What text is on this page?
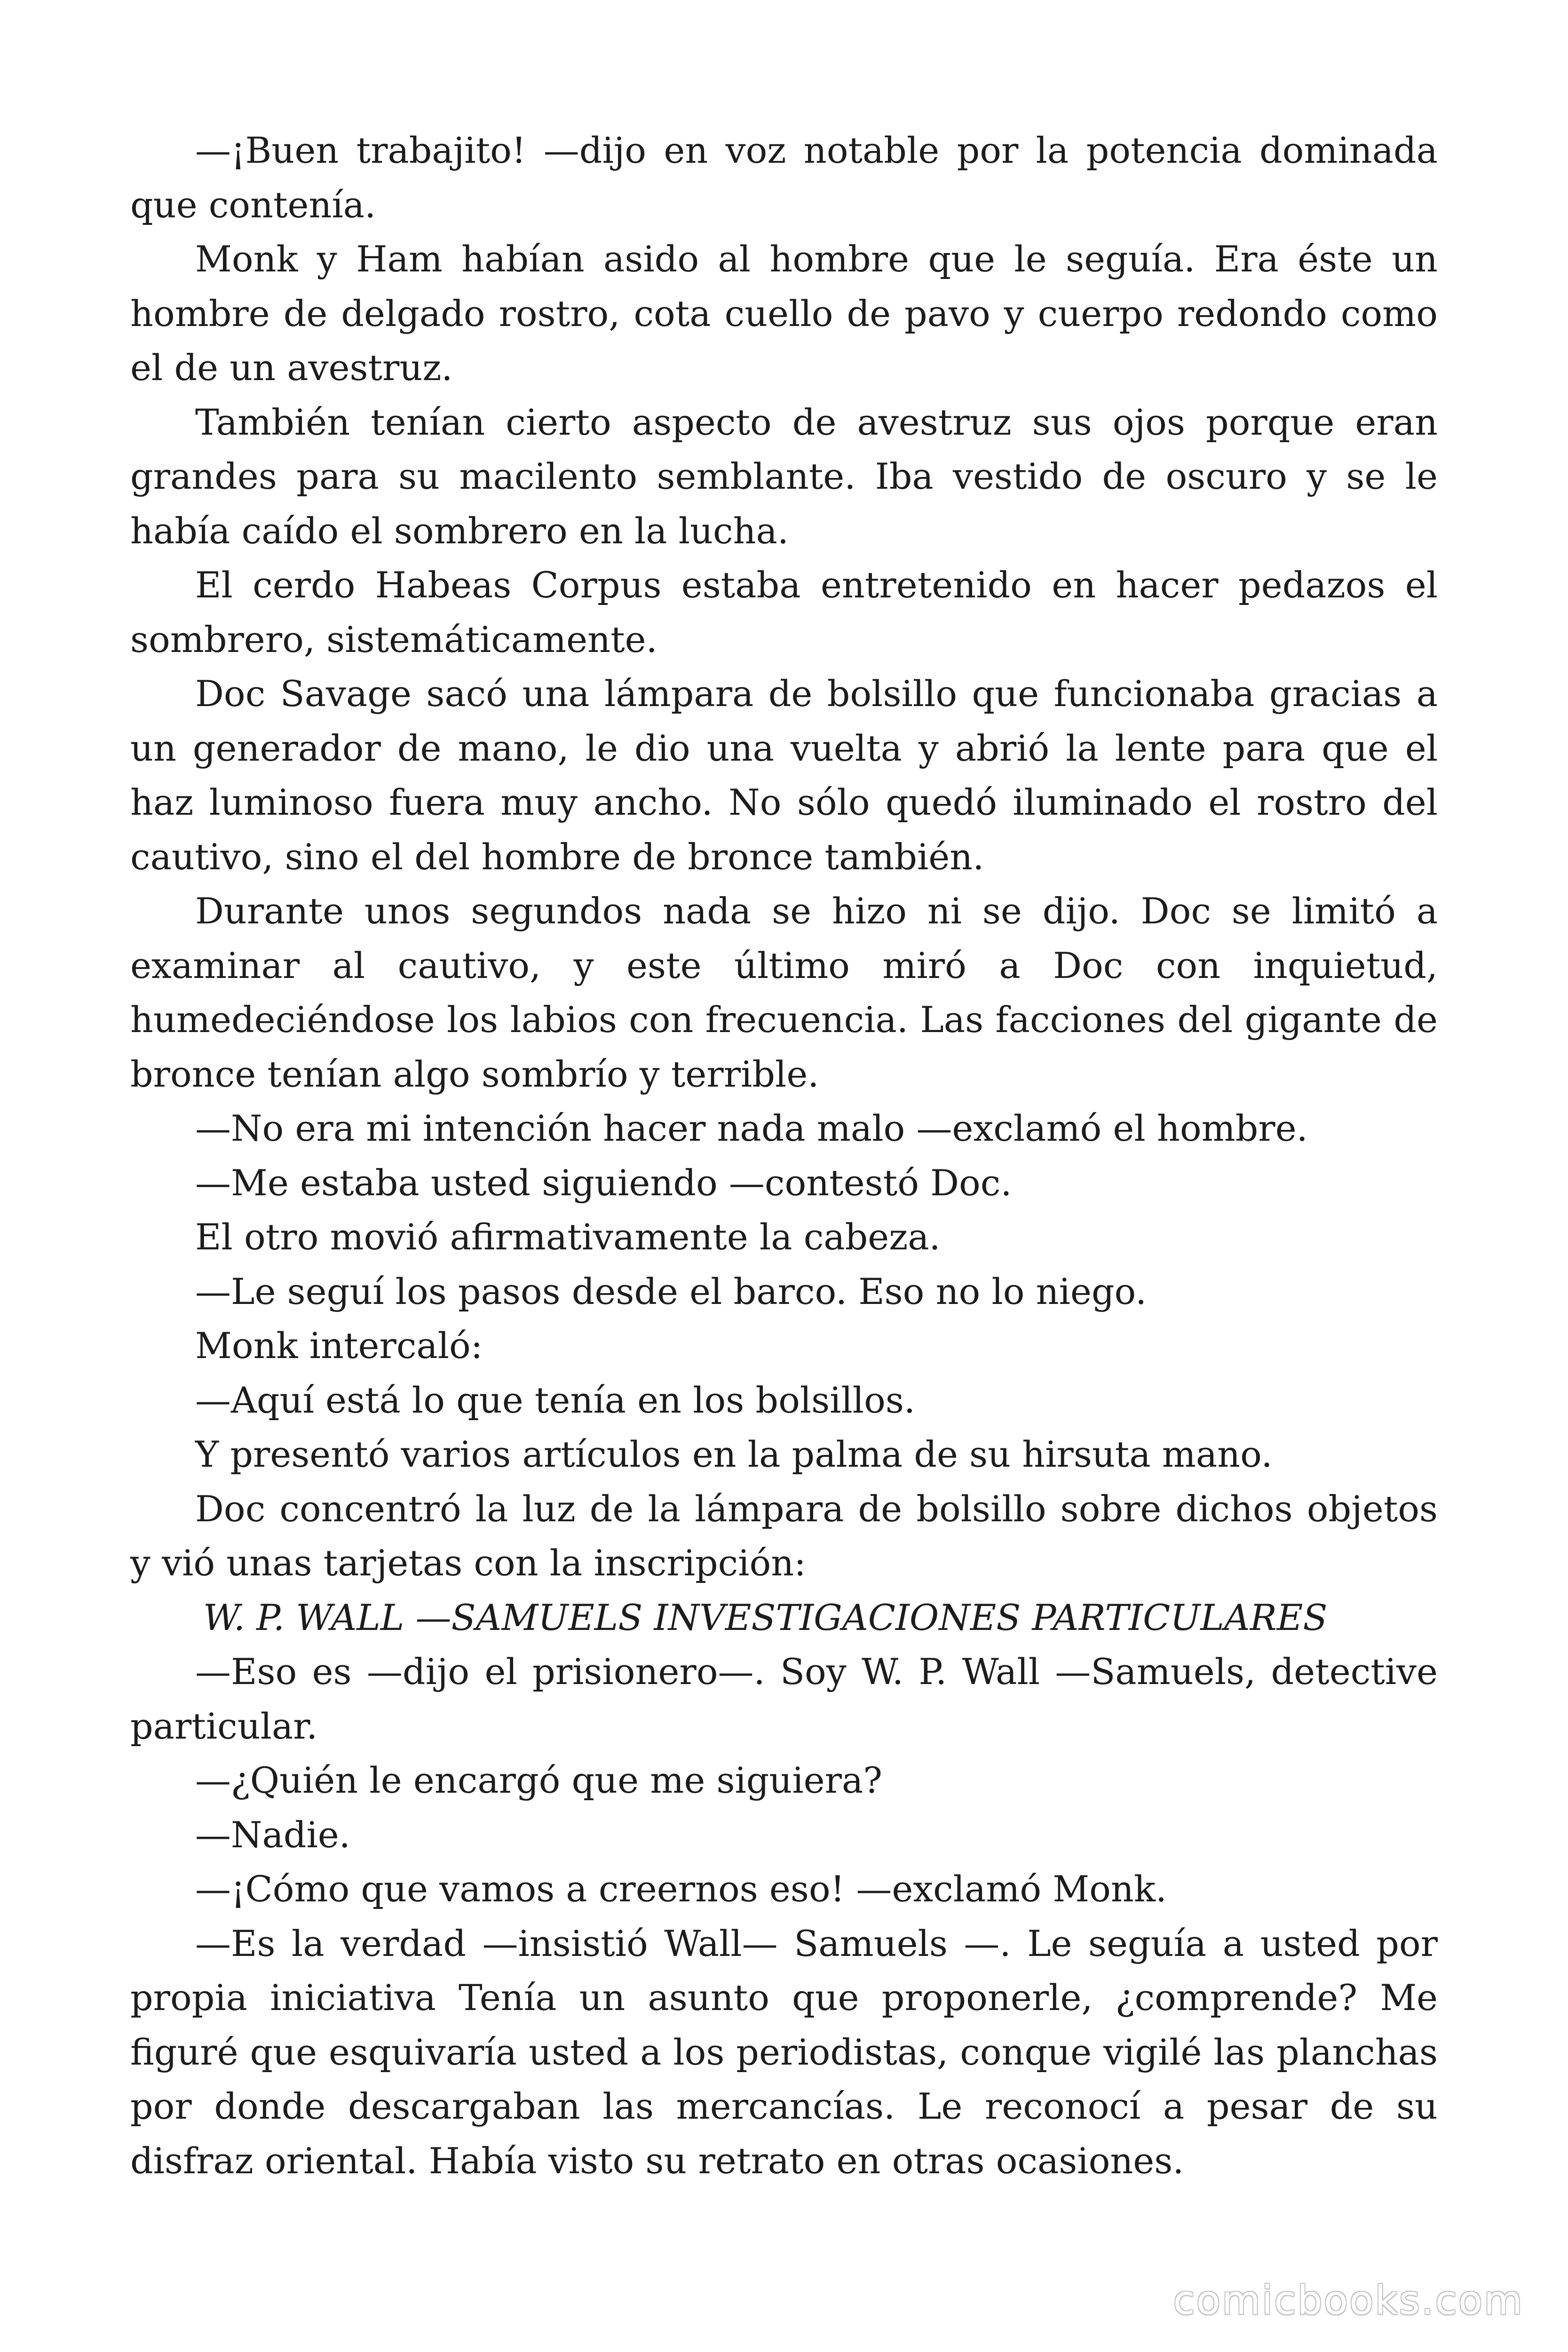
—¡Buen trabajito! —dijo en voz notable por la potencia dominada que contenía.

Monk y Ham habían asido al hombre que le seguía. Era éste un hombre de delgado rostro, cota cuello de pavo y cuerpo redondo como el de un avestruz.

También tenían cierto aspecto de avestruz sus ojos porque eran grandes para su macilento semblante. Iba vestido de oscuro y se le había caído el sombrero en la lucha.

El cerdo Habeas Corpus estaba entretenido en hacer pedazos el sombrero, sistemáticamente.

Doc Savage sacó una lámpara de bolsillo que funcionaba gracias a un generador de mano, le dio una vuelta y abrió la lente para que el haz luminoso fuera muy ancho. No sólo quedó iluminado el rostro del cautivo, sino el del hombre de bronce también.

Durante unos segundos nada se hizo ni se dijo. Doc se limitó a examinar al cautivo, y este último miró a Doc con inquietud, humedeciéndose los labios con frecuencia. Las facciones del gigante de bronce tenían algo sombrío y terrible.

—No era mi intención hacer nada malo —exclamó el hombre.

—Me estaba usted siguiendo —contestó Doc.

El otro movió afirmativamente la cabeza.

—Le seguí los pasos desde el barco. Eso no lo niego.

Monk intercaló:

—Aquí está lo que tenía en los bolsillos.

Y presentó varios artículos en la palma de su hirsuta mano.

Doc concentró la luz de la lámpara de bolsillo sobre dichos objetos y vió unas tarjetas con la inscripción:

W. P. WALL —SAMUELS INVESTIGACIONES PARTICULARES

—Eso es —dijo el prisionero—. Soy W. P. Wall —Samuels, detective particular.

—¿Quién le encargó que me siguiera?

—Nadie.

—¡Cómo que vamos a creernos eso! —exclamó Monk.

—Es la verdad —insistió Wall— Samuels —. Le seguía a usted por propia iniciativa Tenía un asunto que proponerle, ¿comprende? Me figuré que esquivaría usted a los periodistas, conque vigilé las planchas por donde descargaban las mercancías. Le reconocí a pesar de su disfraz oriental. Había visto su retrato en otras ocasiones.

comicbooks.com
